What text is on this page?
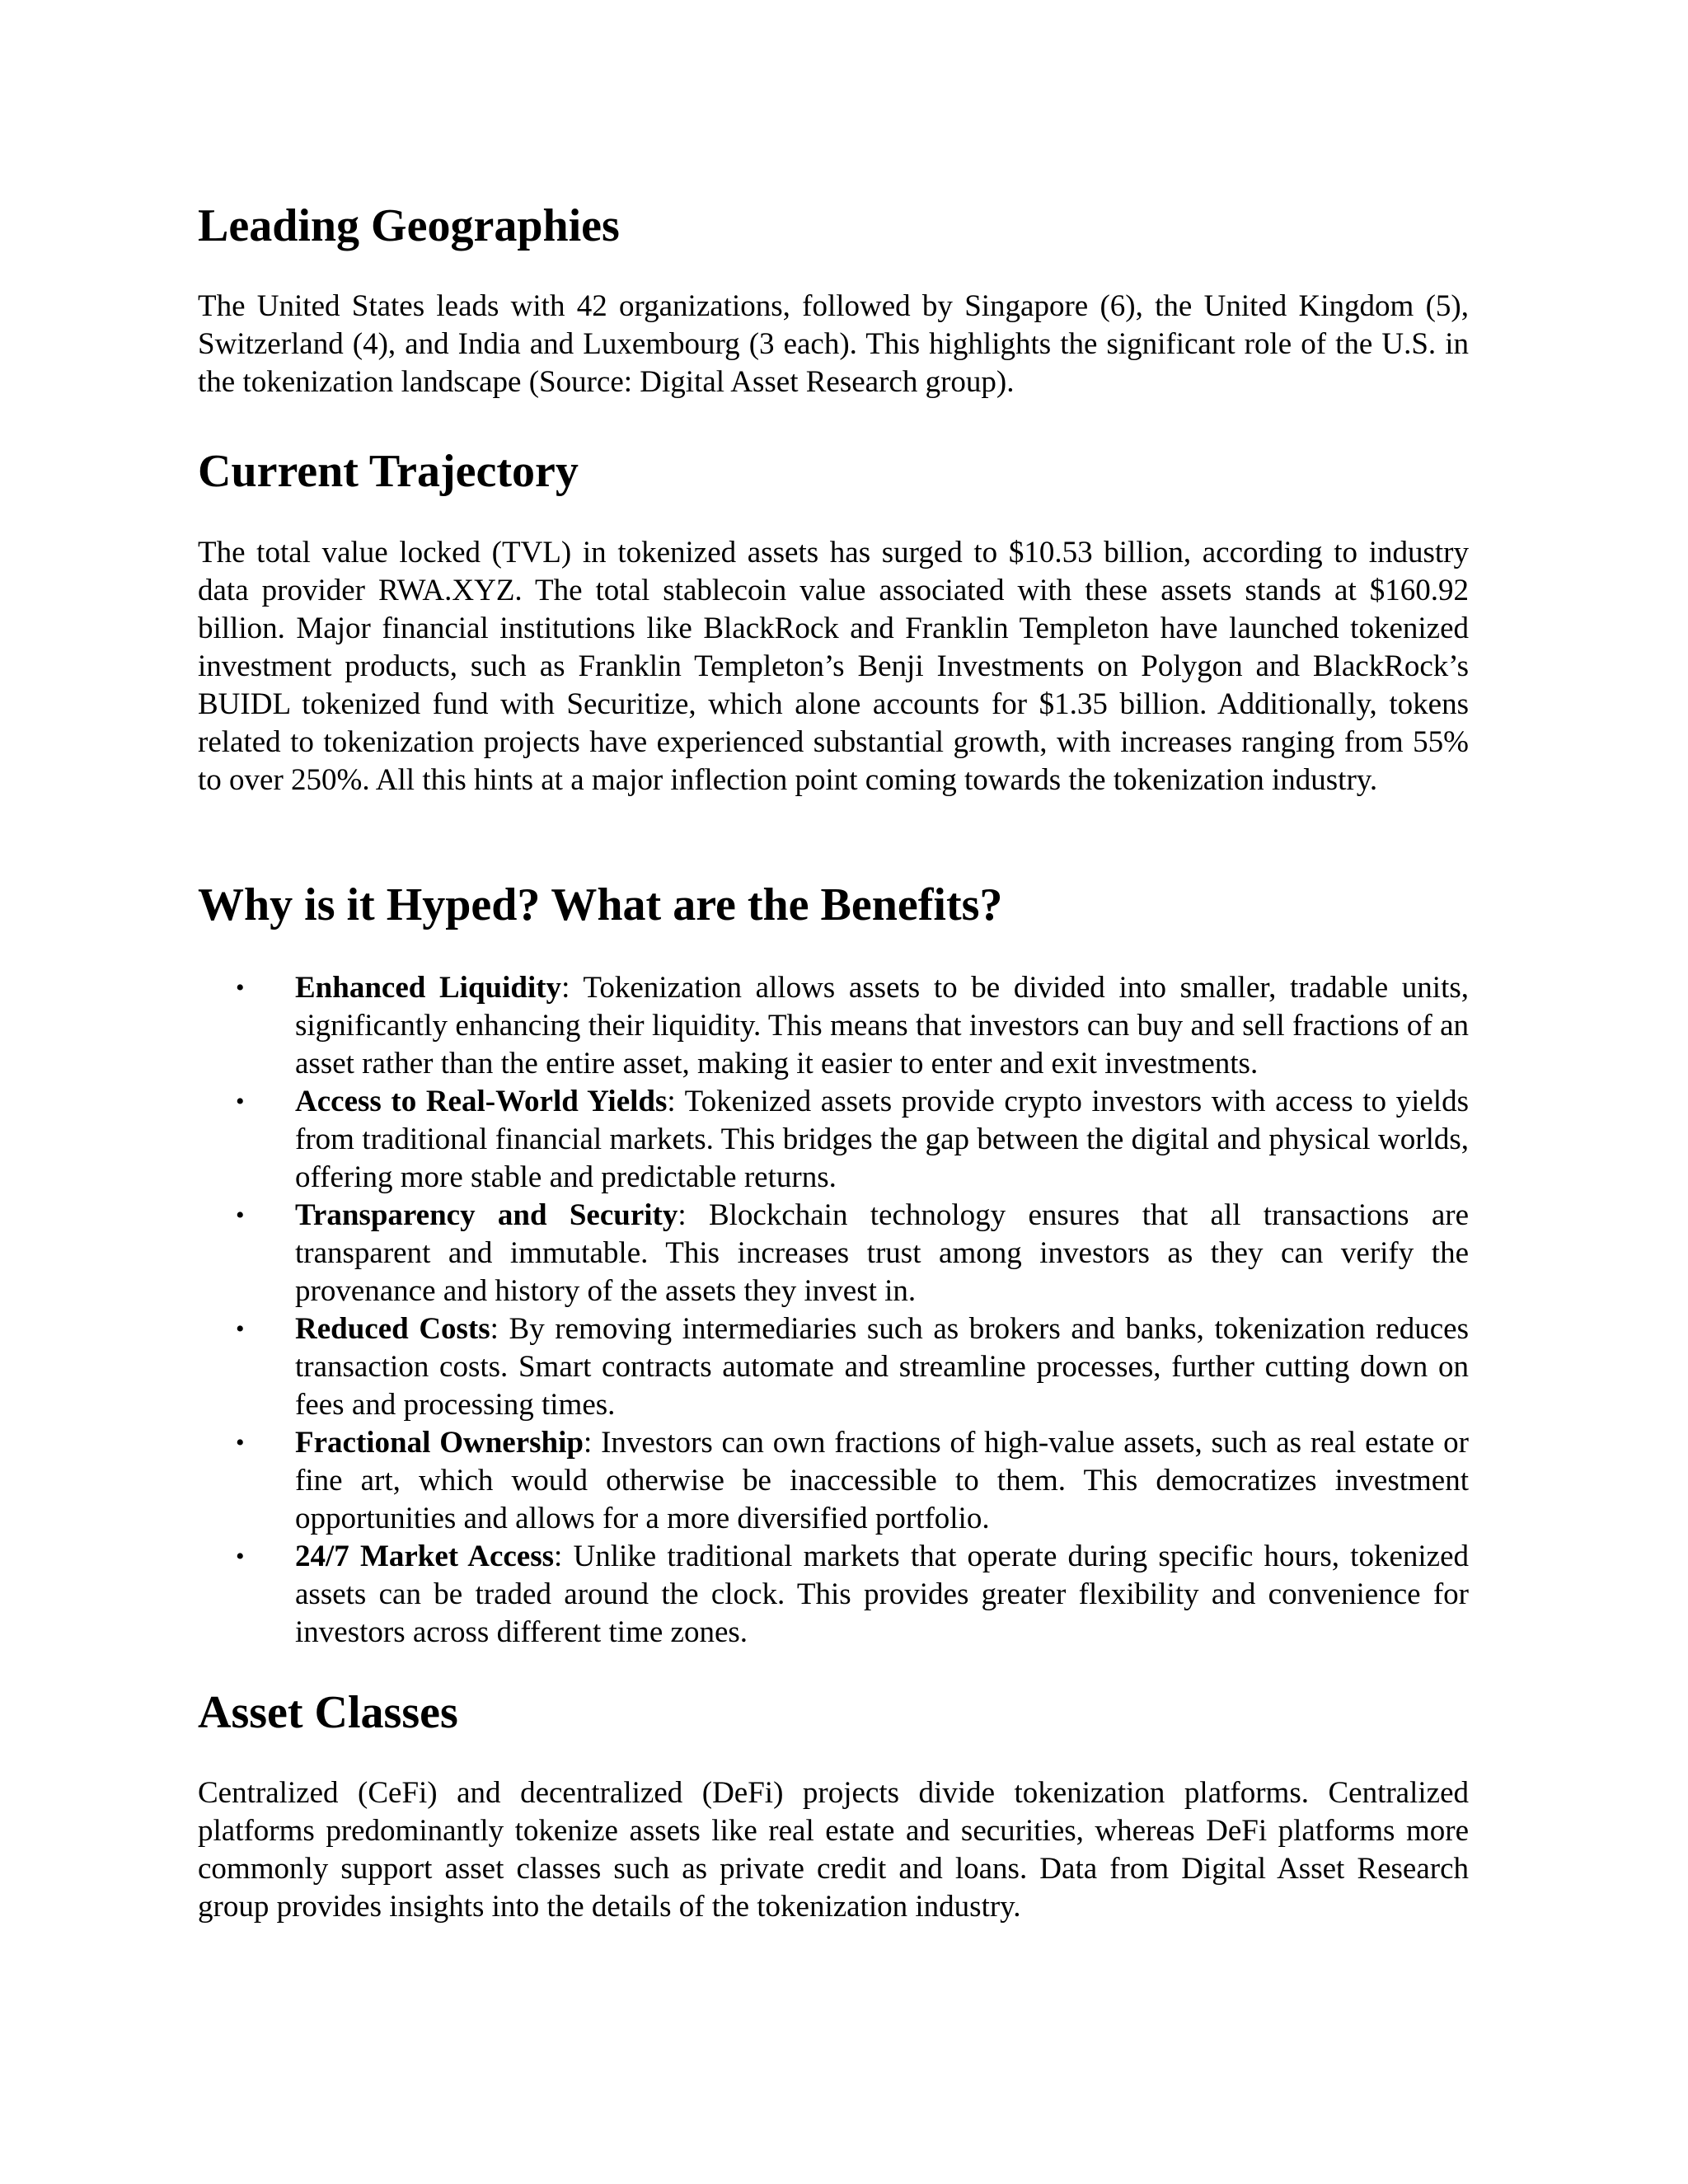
Leading Geographies

The United States leads with 42 organizations, followed by Singapore (6), the United Kingdom (5), Switzerland (4), and India and Luxembourg (3 each). This highlights the significant role of the U.S. in the tokenization landscape (Source: Digital Asset Research group).

Current Trajectory

The total value locked (TVL) in tokenized assets has surged to $10.53 billion, according to industry data provider RWA.XYZ. The total stablecoin value associated with these assets stands at $160.92 billion. Major financial institutions like BlackRock and Franklin Templeton have launched tokenized investment products, such as Franklin Templeton’s Benji Investments on Polygon and BlackRock’s BUIDL tokenized fund with Securitize, which alone accounts for $1.35 billion. Additionally, tokens related to tokenization projects have experienced substantial growth, with increases ranging from 55% to over 250%. All this hints at a major inflection point coming towards the tokenization industry.

Why is it Hyped? What are the Benefits?
• Enhanced Liquidity: Tokenization allows assets to be divided into smaller, tradable units, significantly enhancing their liquidity. This means that investors can buy and sell fractions of an asset rather than the entire asset, making it easier to enter and exit investments.
• Access to Real-World Yields: Tokenized assets provide crypto investors with access to yields from traditional financial markets. This bridges the gap between the digital and physical worlds, offering more stable and predictable returns.
• Transparency and Security: Blockchain technology ensures that all transactions are transparent and immutable. This increases trust among investors as they can verify the provenance and history of the assets they invest in.
• Reduced Costs: By removing intermediaries such as brokers and banks, tokenization reduces transaction costs. Smart contracts automate and streamline processes, further cutting down on fees and processing times.
• Fractional Ownership: Investors can own fractions of high-value assets, such as real estate or fine art, which would otherwise be inaccessible to them. This democratizes investment opportunities and allows for a more diversified portfolio.
• 24/7 Market Access: Unlike traditional markets that operate during specific hours, tokenized assets can be traded around the clock. This provides greater flexibility and convenience for investors across different time zones.
Asset Classes

Centralized (CeFi) and decentralized (DeFi) projects divide tokenization platforms. Centralized platforms predominantly tokenize assets like real estate and securities, whereas DeFi platforms more commonly support asset classes such as private credit and loans. Data from Digital Asset Research group provides insights into the details of the tokenization industry.
